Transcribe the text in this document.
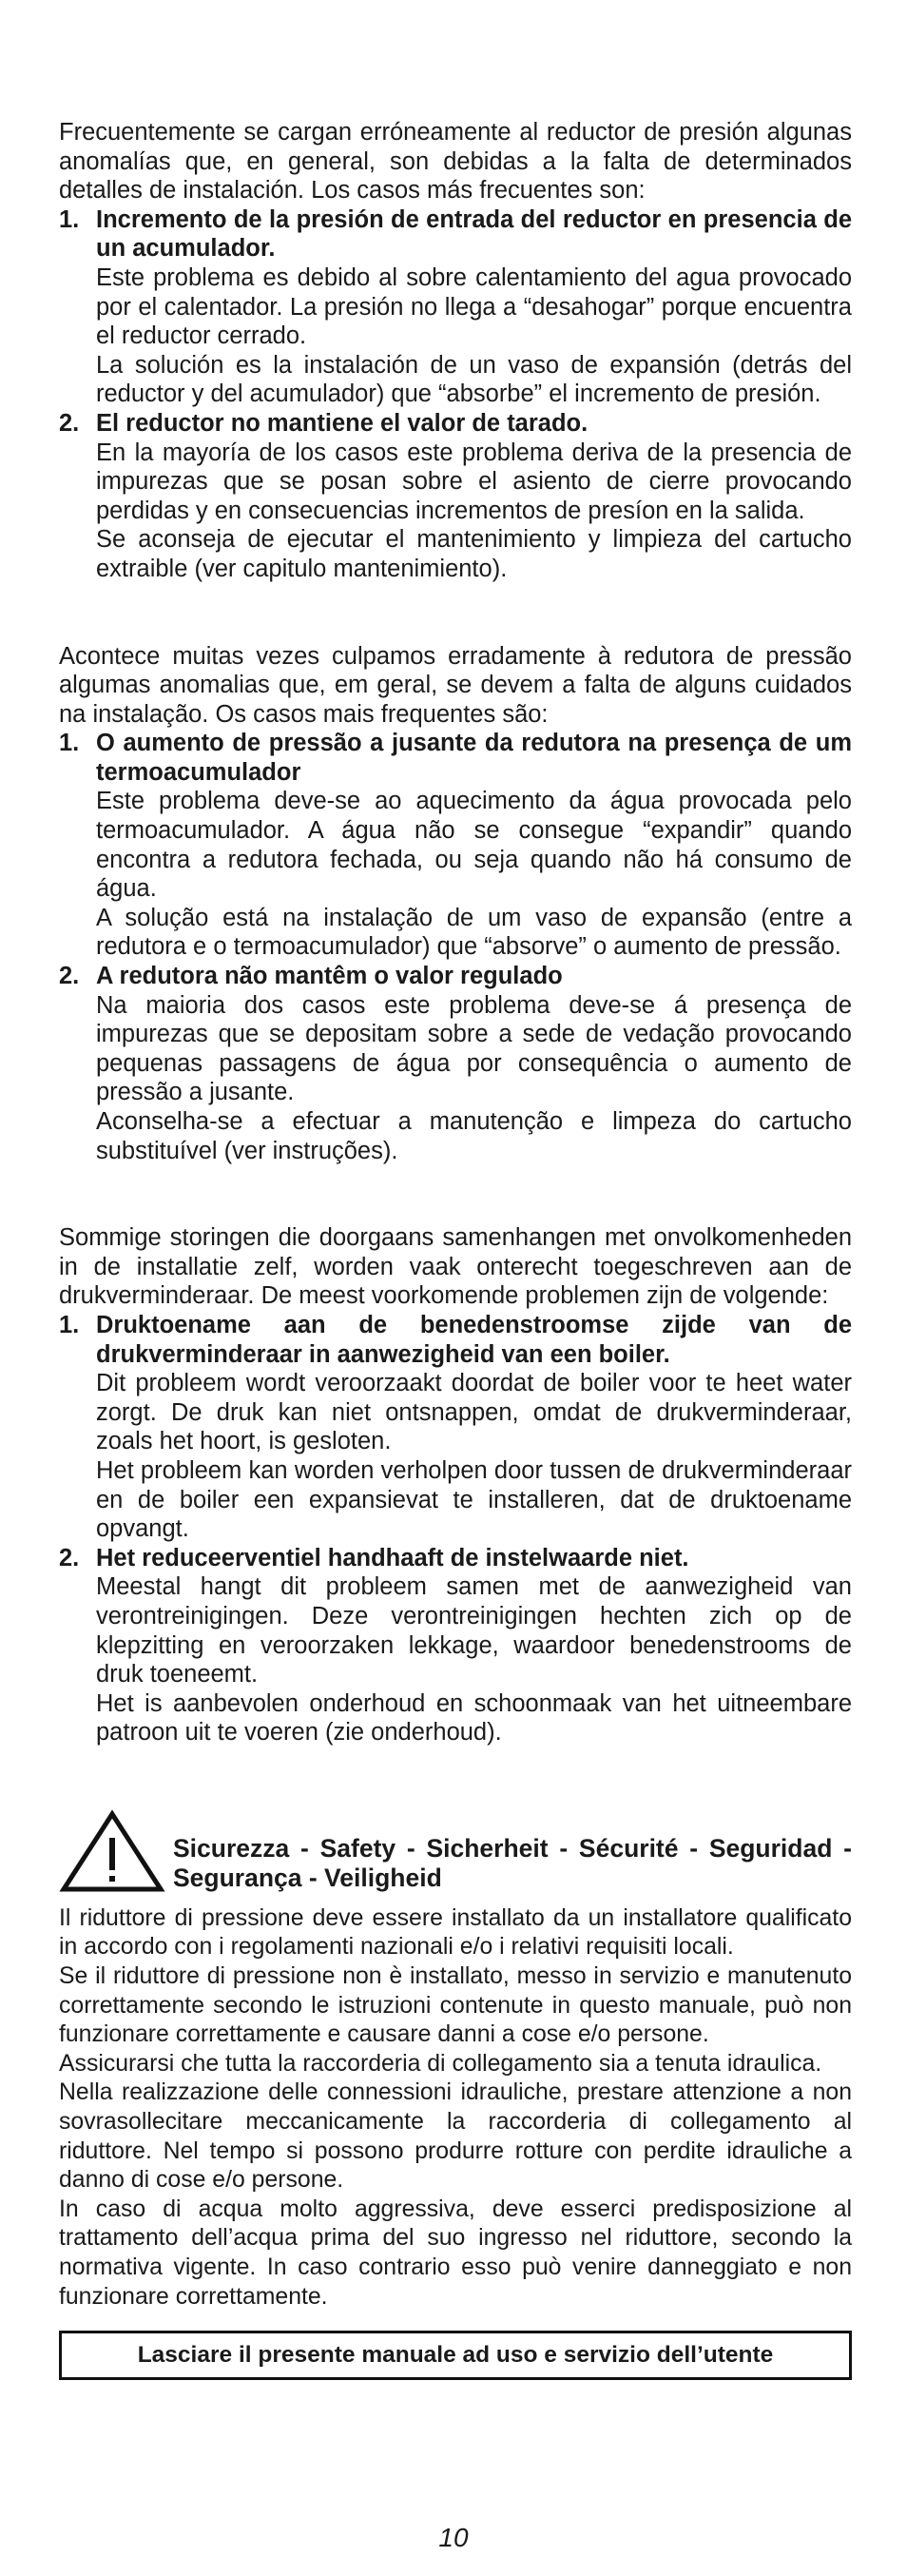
Frecuentemente se cargan erróneamente al reductor de presión algunas anomalías que, en general, son debidas a la falta de determinados detalles de instalación. Los casos más frecuentes son:

1. Incremento de la presión de entrada del reductor en presencia de un acumulador.

Este problema es debido al sobre calentamiento del agua provocado por el calentador. La presión no llega a “desahogar” porque encuentra el reductor cerrado.

La solución es la instalación de un vaso de expansión (detrás del reductor y del acumulador) que “absorbe” el incremento de presión.

2. El reductor no mantiene el valor de tarado.

En la mayoría de los casos este problema deriva de la presencia de impurezas que se posan sobre el asiento de cierre provocando perdidas y en consecuencias incrementos de presíon en la salida.

Se aconseja de ejecutar el mantenimiento y limpieza del cartucho extraible (ver capitulo mantenimiento).

Acontece muitas vezes culpamos erradamente à redutora de pressão algumas anomalias que, em geral, se devem a falta de alguns cuidados na instalação. Os casos mais frequentes são:

1. O aumento de pressão a jusante da redutora na presença de um termoacumulador

Este problema deve-se ao aquecimento da água provocada pelo termoacumulador. A água não se consegue “expandir” quando encontra a redutora fechada, ou seja quando não há consumo de água.

A solução está na instalação de um vaso de expansão (entre a redutora e o termoacumulador) que “absorve” o aumento de pressão.

2. A redutora não mantêm o valor regulado

Na maioria dos casos este problema deve-se á presença de impurezas que se depositam sobre a sede de vedação provocando pequenas passagens de água por consequência o aumento de pressão a jusante.

Aconselha-se a efectuar a manutenção e limpeza do cartucho substituível (ver instruções).

Sommige storingen die doorgaans samenhangen met onvolkomenheden in de installatie zelf, worden vaak onterecht toegeschreven aan de drukverminderaar. De meest voorkomende problemen zijn de volgende:

1. Druktoename aan de benedenstroomse zijde van de drukverminderaar in aanwezigheid van een boiler.

Dit probleem wordt veroorzaakt doordat de boiler voor te heet water zorgt. De druk kan niet ontsnappen, omdat de drukverminderaar, zoals het hoort, is gesloten.

Het probleem kan worden verholpen door tussen de drukverminderaar en de boiler een expansievat te installeren, dat de druktoename opvangt.

2. Het reduceerventiel handhaaft de instelwaarde niet.

Meestal hangt dit probleem samen met de aanwezigheid van verontreinigingen. Deze verontreinigingen hechten zich op de klepzitting en veroorzaken lekkage, waardoor benedenstrooms de druk toeneemt.

Het is aanbevolen onderhoud en schoonmaak van het uitneembare patroon uit te voeren (zie onderhoud).

Sicurezza - Safety - Sicherheit - Sécurité - Seguridad - Segurança - Veiligheid

Il riduttore di pressione deve essere installato da un installatore qualificato in accordo con i regolamenti nazionali e/o i relativi requisiti locali.

Se il riduttore di pressione non è installato, messo in servizio e manutenuto correttamente secondo le istruzioni contenute in questo manuale, può non funzionare correttamente e causare danni a cose e/o persone.

Assicurarsi che tutta la raccorderia di collegamento sia a tenuta idraulica.

Nella realizzazione delle connessioni idrauliche, prestare attenzione a non sovrasollecitare meccanicamente la raccorderia di collegamento al riduttore. Nel tempo si possono produrre rotture con perdite idrauliche a danno di cose e/o persone.

In caso di acqua molto aggressiva, deve esserci predisposizione al trattamento dell’acqua prima del suo ingresso nel riduttore, secondo la normativa vigente. In caso contrario esso può venire danneggiato e non funzionare correttamente.

Lasciare il presente manuale ad uso e servizio dell’utente
10
